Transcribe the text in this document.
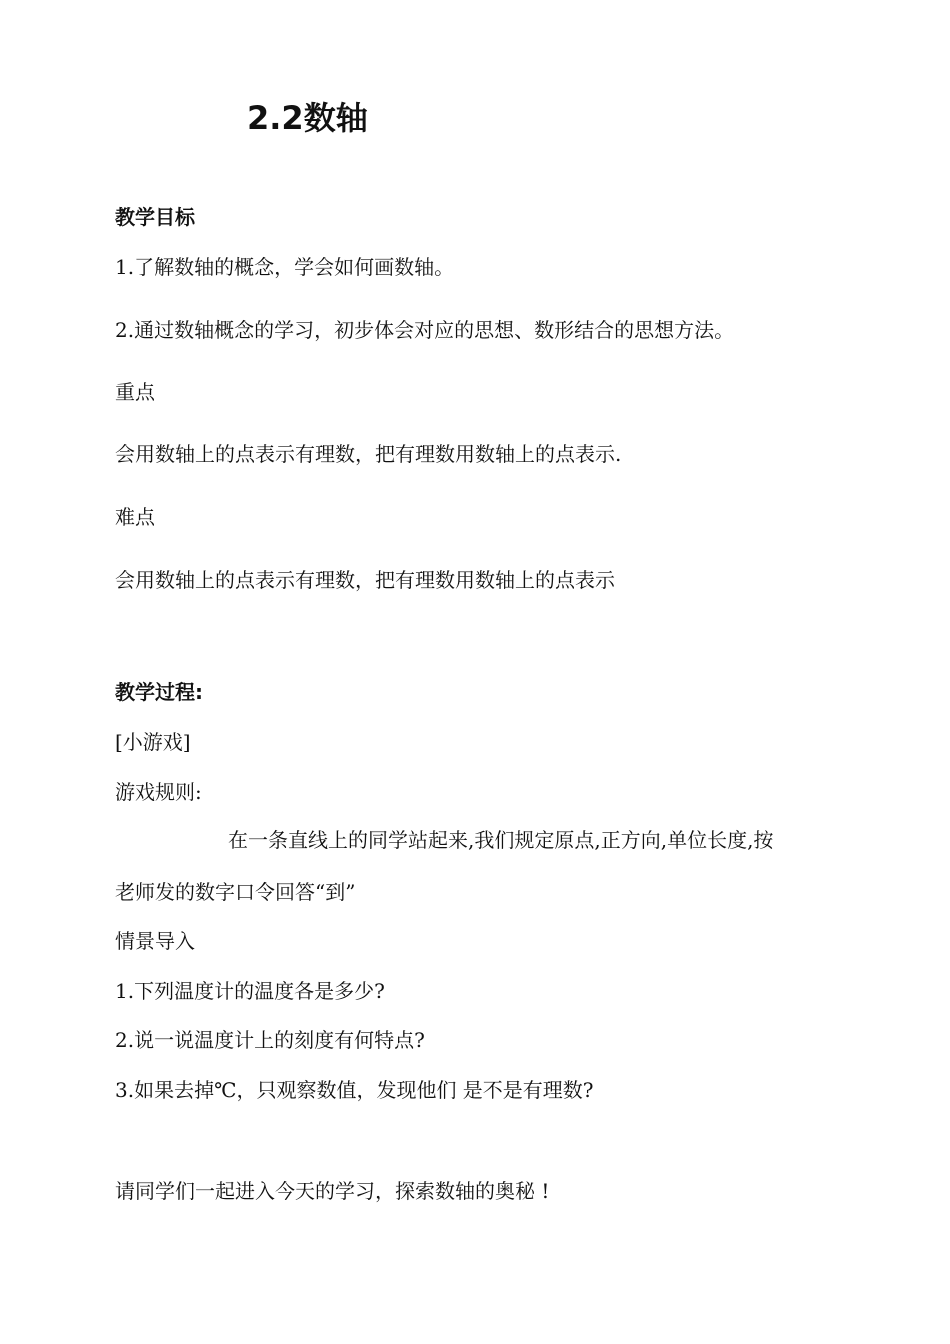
2.2数轴
教学目标
1.了解数轴的概念，学会如何画数轴。
2.通过数轴概念的学习，初步体会对应的思想、数形结合的思想方法。
重点
会用数轴上的点表示有理数，把有理数用数轴上的点表示.
难点
会用数轴上的点表示有理数，把有理数用数轴上的点表示
教学过程:
[小游戏]
游戏规则:
在一条直线上的同学站起来,我们规定原点,正方向,单位长度,按
老师发的数字口令回答“到”
情景导入
1.下列温度计的温度各是多少?
2.说一说温度计上的刻度有何特点?
3.如果去掉℃，只观察数值，发现他们 是不是有理数?
请同学们一起进入今天的学习，探索数轴的奥秘 !
